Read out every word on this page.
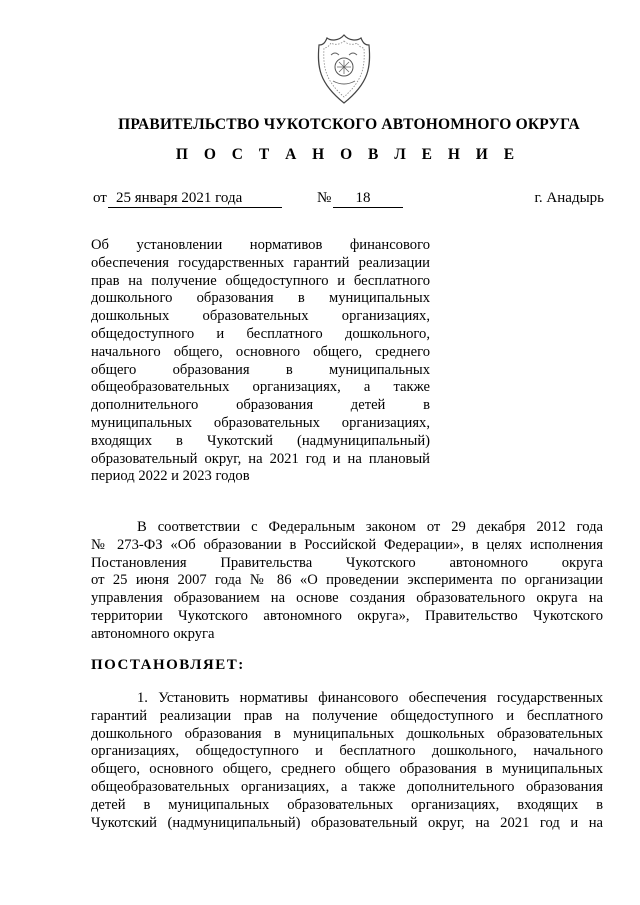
ПРАВИТЕЛЬСТВО ЧУКОТСКОГО АВТОНОМНОГО ОКРУГА
П О С Т А Н О В Л Е Н И Е
от 25 января 2021 года	№	18	г. Анадырь
Об установлении нормативов финансового
обеспечения государственных гарантий реализации
прав на получение общедоступного и бесплатного
дошкольного образования в муниципальных
дошкольных образовательных организациях,
общедоступного и бесплатного дошкольного,
начального общего, основного общего, среднего
общего образования в муниципальных
общеобразовательных организациях, а также
дополнительного образования детей в
муниципальных образовательных организациях,
входящих в Чукотский (надмуниципальный)
образовательный округ, на 2021 год и на плановый
период 2022 и 2023 годов
В соответствии с Федеральным законом от 29 декабря 2012 года
№ 273-ФЗ «Об образовании в Российской Федерации», в целях исполнения
Постановления Правительства Чукотского автономного округа
от 25 июня 2007 года № 86 «О проведении эксперимента по организации
управления образованием на основе создания образовательного округа на
территории Чукотского автономного округа», Правительство Чукотского
автономного округа
ПОСТАНОВЛЯЕТ:
1. Установить нормативы финансового обеспечения государственных
гарантий реализации прав на получение общедоступного и бесплатного
дошкольного образования в муниципальных дошкольных образовательных
организациях, общедоступного и бесплатного дошкольного, начального
общего, основного общего, среднего общего образования в муниципальных
общеобразовательных организациях, а также дополнительного образования
детей в муниципальных образовательных организациях, входящих в
Чукотский (надмуниципальный) образовательный округ, на 2021 год и на
